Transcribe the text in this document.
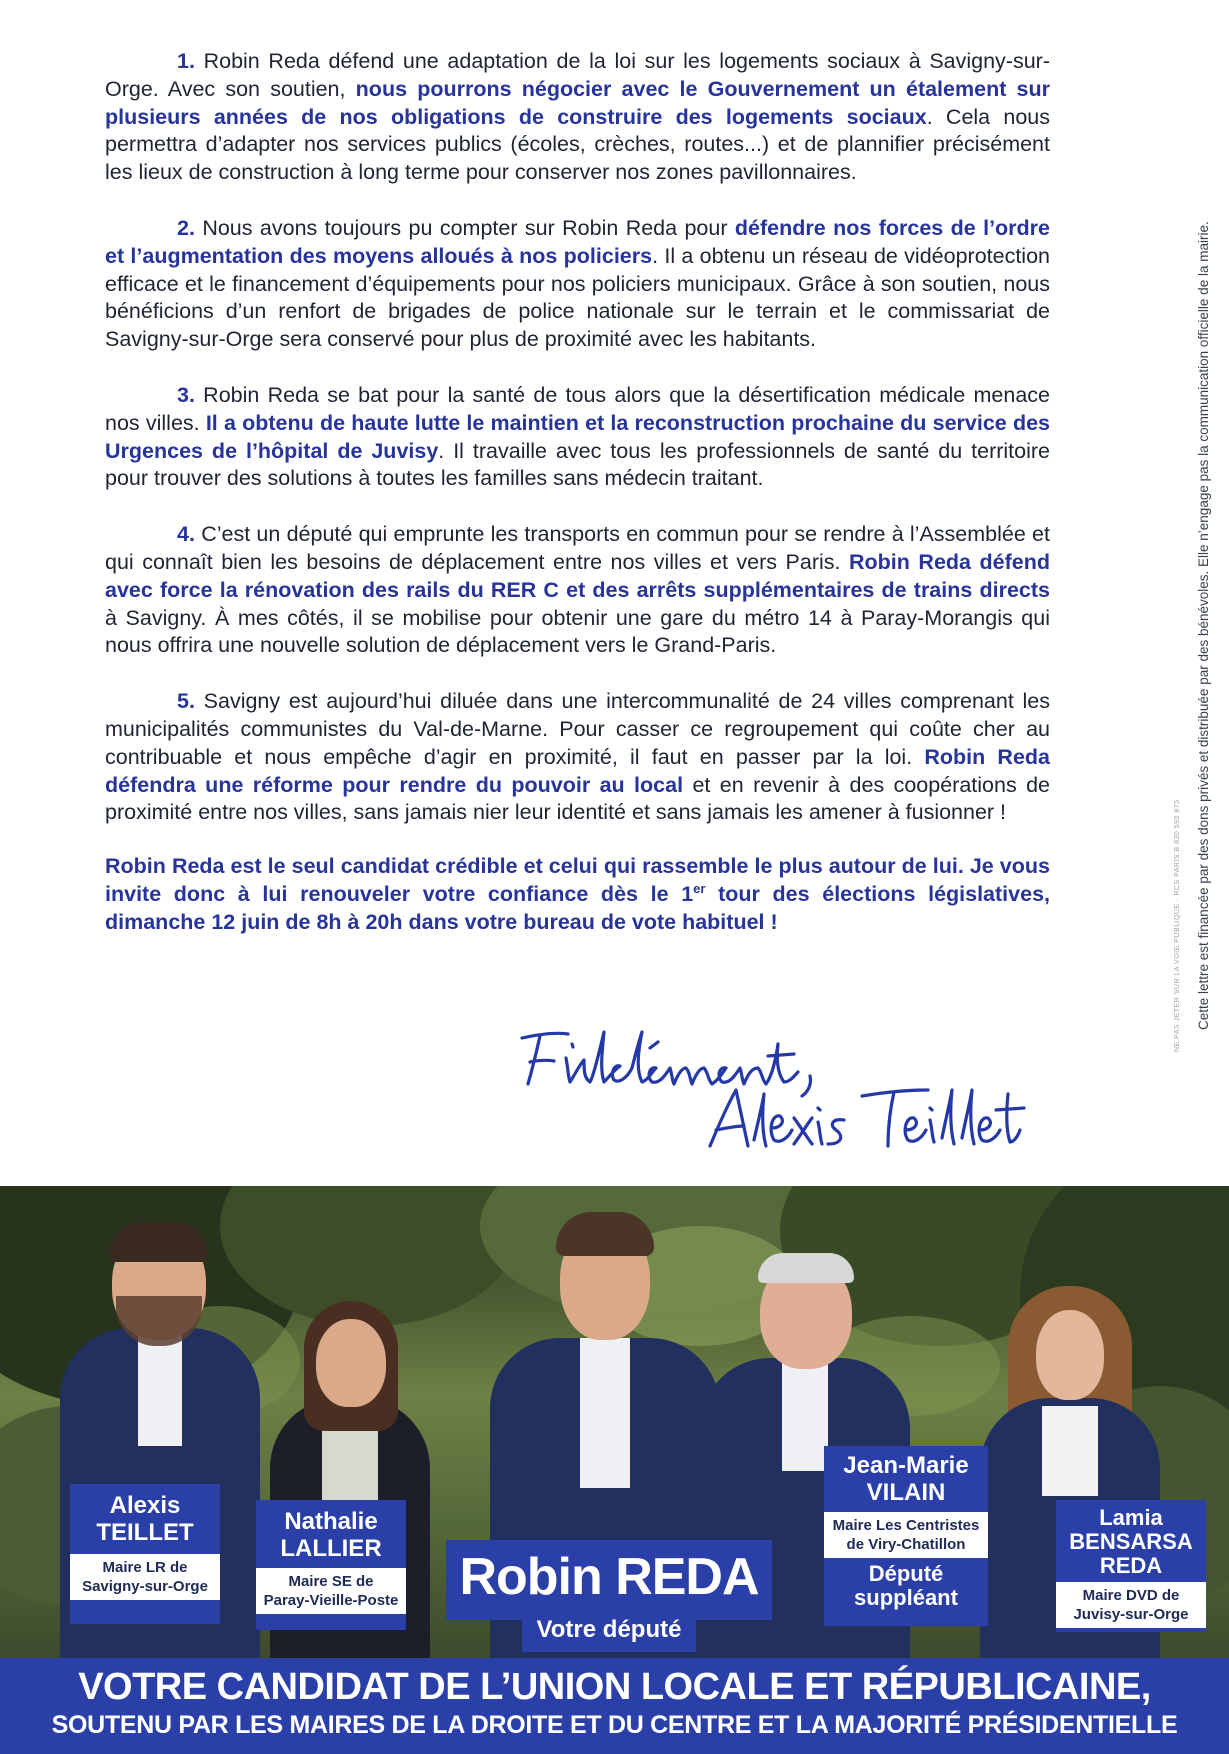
1. Robin Reda défend une adaptation de la loi sur les logements sociaux à Savigny-sur-Orge. Avec son soutien, nous pourrons négocier avec le Gouvernement un étalement sur plusieurs années de nos obligations de construire des logements sociaux. Cela nous permettra d’adapter nos services publics (écoles, crèches, routes...) et de plannifier précisément les lieux de construction à long terme pour conserver nos zones pavillonnaires.

2. Nous avons toujours pu compter sur Robin Reda pour défendre nos forces de l’ordre et l’augmentation des moyens alloués à nos policiers. Il a obtenu un réseau de vidéoprotection efficace et le financement d’équipements pour nos policiers municipaux. Grâce à son soutien, nous bénéficions d’un renfort de brigades de police nationale sur le terrain et le commissariat de Savigny-sur-Orge sera conservé pour plus de proximité avec les habitants.

3. Robin Reda se bat pour la santé de tous alors que la désertification médicale menace nos villes. Il a obtenu de haute lutte le maintien et la reconstruction prochaine du service des Urgences de l’hôpital de Juvisy. Il travaille avec tous les professionnels de santé du territoire pour trouver des solutions à toutes les familles sans médecin traitant.

4. C’est un député qui emprunte les transports en commun pour se rendre à l’Assemblée et qui connaît bien les besoins de déplacement entre nos villes et vers Paris. Robin Reda défend avec force la rénovation des rails du RER C et des arrêts supplémentaires de trains directs à Savigny. À mes côtés, il se mobilise pour obtenir une gare du métro 14 à Paray-Morangis qui nous offrira une nouvelle solution de déplacement vers le Grand-Paris.

5. Savigny est aujourd’hui diluée dans une intercommunalité de 24 villes comprenant les municipalités communistes du Val-de-Marne. Pour casser ce regroupement qui coûte cher au contribuable et nous empêche d’agir en proximité, il faut en passer par la loi. Robin Reda défendra une réforme pour rendre du pouvoir au local et en revenir à des coopérations de proximité entre nos villes, sans jamais nier leur identité et sans jamais les amener à fusionner !

Robin Reda est le seul candidat crédible et celui qui rassemble le plus autour de lui. Je vous invite donc à lui renouveler votre confiance dès le 1er tour des élections législatives, dimanche 12 juin de 8h à 20h dans votre bureau de vote habituel !	Cette lettre est financée par des dons privés et distribuée par des bénévoles. Elle n’engage pas la communication officielle de la mairie.
NE PAS JETER SUR LA VOIE PUBLIQUE · RCS PARIS B 830 590 875
Alexis
TEILLET
Maire LR de
Savigny-sur-Orge
Nathalie
LALLIER
Maire SE de
Paray-Vieille-Poste Robin REDA
Votre député
Jean-Marie
VILAIN
Maire Les Centristes
de Viry-Chatillon
Député
suppléant
Lamia
BENSARSA
REDA
Maire DVD de
Juvisy-sur-Orge
VOTRE CANDIDAT DE L’UNION LOCALE ET RÉPUBLICAINE,
SOUTENU PAR LES MAIRES DE LA DROITE ET DU CENTRE ET LA MAJORITÉ PRÉSIDENTIELLE
